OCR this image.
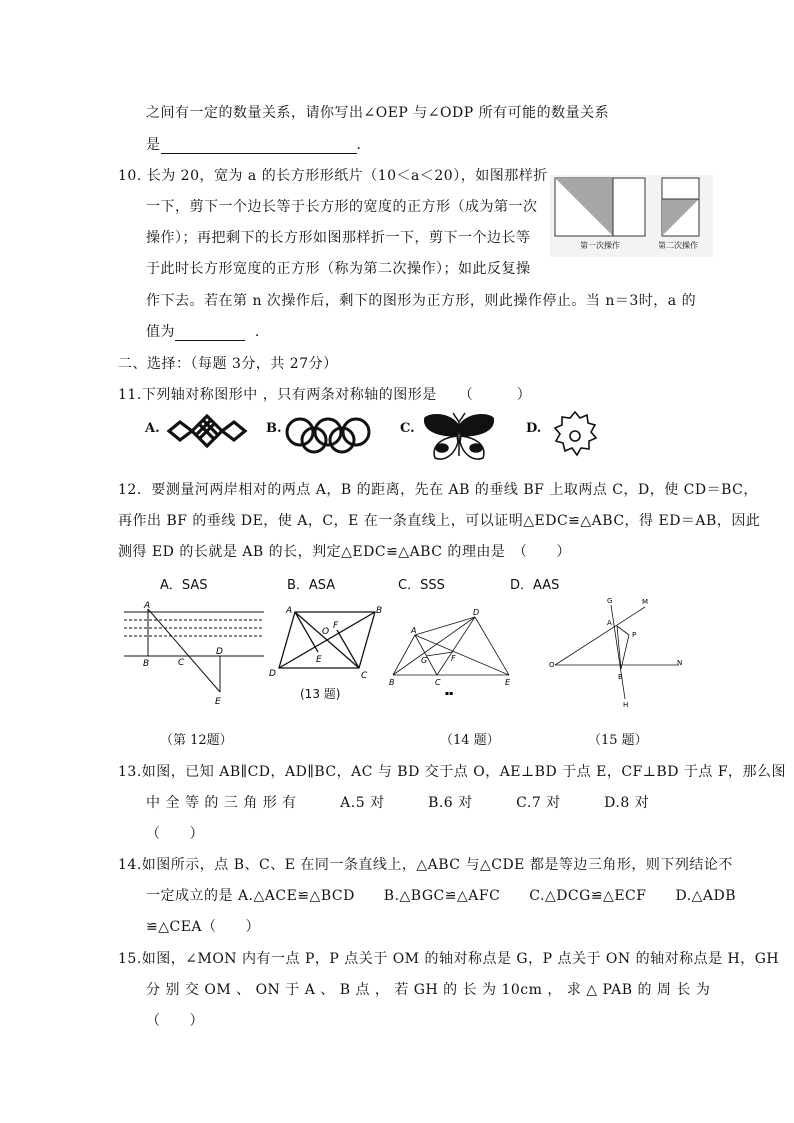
之间有一定的数量关系，请你写出∠OEP 与∠ODP 所有可能的数量关系
是	.
10. 长为 20，宽为 a 的长方形形纸片（10＜a＜20），如图那样折
一下，剪下一个边长等于长方形的宽度的正方形（成为第一次
操作）；再把剩下的长方形如图那样折一下，剪下一个边长等
于此时长方形宽度的正方形（称为第二次操作）；如此反复操
作下去。若在第 n 次操作后，剩下的图形为正方形，则此操作停止。当 n＝3时，a 的
值为	.
第一次操作	第二次操作
二、选择：（每题 3分，共 27分）
11.下列轴对称图形中 ，只有两条对称轴的图形是　　（　　　）
A.	B.	C.	D.
12．要测量河两岸相对的两点 A，B 的距离，先在 AB 的垂线 BF 上取两点 C，D，使 CD＝BC，
再作出 BF 的垂线 DE，使 A，C，E 在一条直线上，可以证明△EDC≌△ABC，得 ED＝AB，因此
测得 ED 的长就是 AB 的长，判定△EDC≌△ABC 的理由是　（　　）
A．SAS	B．ASA	C．SSS	D．AAS
A
B	C
D
E
A	B
C
D
O
E
F
(13 题)
A
D
B	C	E
G	F
▪▪
G	M
A
P
O	N
B
H
（第 12题）	（14 题）	（15 题）
13.如图，已知 AB∥CD，AD∥BC，AC 与 BD 交于点 O，AE⊥BD 于点 E，CF⊥BD 于点 F，那么图
中 全 等 的 三 角 形 有　　　A.5 对　　　B.6 对　　　C.7 对　　　D.8 对
（　　）
14.如图所示，点 B、C、E 在同一条直线上，△ABC 与△CDE 都是等边三角形，则下列结论不
一定成立的是 A.△ACE≌△BCD　　B.△BGC≌△AFC　　C.△DCG≌△ECF　　D.△ADB
≌△CEA（　　）
15.如图，∠MON 内有一点 P，P 点关于 OM 的轴对称点是 G，P 点关于 ON 的轴对称点是 H，GH
分 别 交 OM 、 ON 于 A 、 B 点 ， 若 GH 的 长 为 10cm ， 求 △ PAB 的 周 长 为
（　　）
